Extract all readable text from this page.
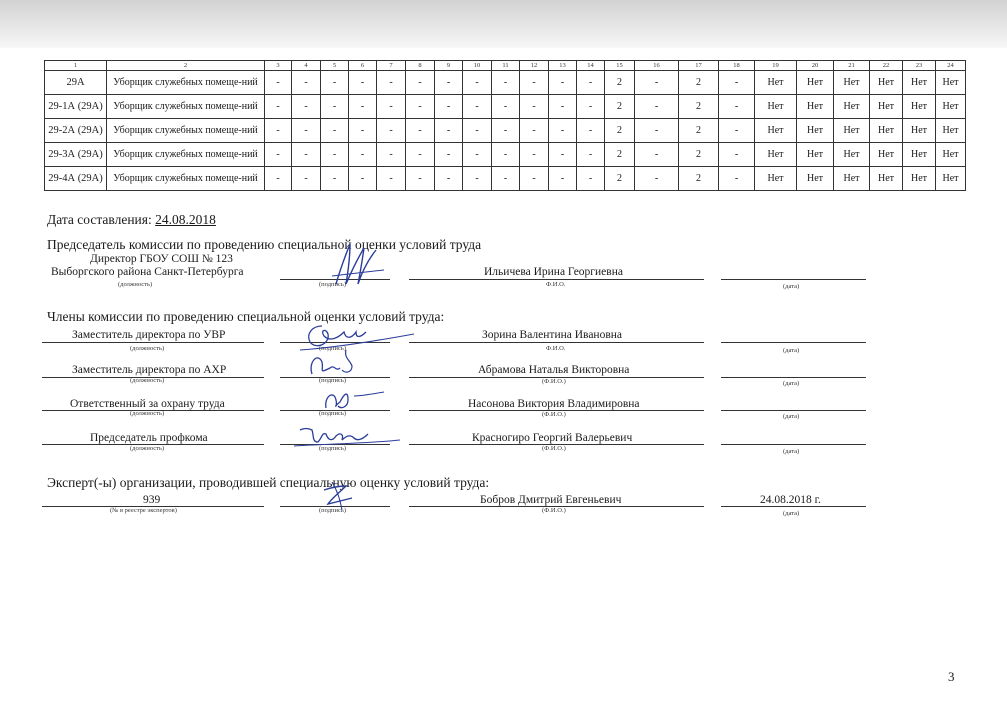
1	2	3	4	5	6	7	8	9	10	11	12	13	14	15	16	17	18	19	20	21	22	23	24
29А	Уборщик служебных помеще-ний	-	-	-	-	-	-	-	-	-	-	-	-	2	-	2	-	Нет	Нет	Нет	Нет	Нет	Нет
29-1А (29А)	Уборщик служебных помеще-ний	-	-	-	-	-	-	-	-	-	-	-	-	2	-	2	-	Нет	Нет	Нет	Нет	Нет	Нет
29-2А (29А)	Уборщик служебных помеще-ний	-	-	-	-	-	-	-	-	-	-	-	-	2	-	2	-	Нет	Нет	Нет	Нет	Нет	Нет
29-3А (29А)	Уборщик служебных помеще-ний	-	-	-	-	-	-	-	-	-	-	-	-	2	-	2	-	Нет	Нет	Нет	Нет	Нет	Нет
29-4А (29А)	Уборщик служебных помеще-ний	-	-	-	-	-	-	-	-	-	-	-	-	2	-	2	-	Нет	Нет	Нет	Нет	Нет	Нет
Дата составления: 24.08.2018
Председатель комиссии по проведению специальной оценки условий труда
Директор ГБОУ СОШ № 123
Выборгского района Санкт-Петербурга	Ильичева Ирина Георгиевна
(должность)	(подпись)	Ф.И.О.	(дата)
Члены комиссии по проведению специальной оценки условий труда:
Заместитель директора по УВР	Зорина Валентина Ивановна
(должность)	(подпись)	Ф.И.О.	(дата)
Заместитель директора по АХР	Абрамова Наталья Викторовна
(должность)	(подпись)	(Ф.И.О.)	(дата)
Ответственный за охрану труда	Насонова Виктория Владимировна
(должность)	(подпись)	(Ф.И.О.)	(дата)
Председатель профкома	Красногиро Георгий Валерьевич
(должность)	(подпись)	(Ф.И.О.)	(дата)
Эксперт(-ы) организации, проводившей специальную оценку условий труда:
939	Бобров Дмитрий Евгеньевич	24.08.2018 г.
(№ в реестре экспертов)	(подпись)	(Ф.И.О.)	(дата)
3
